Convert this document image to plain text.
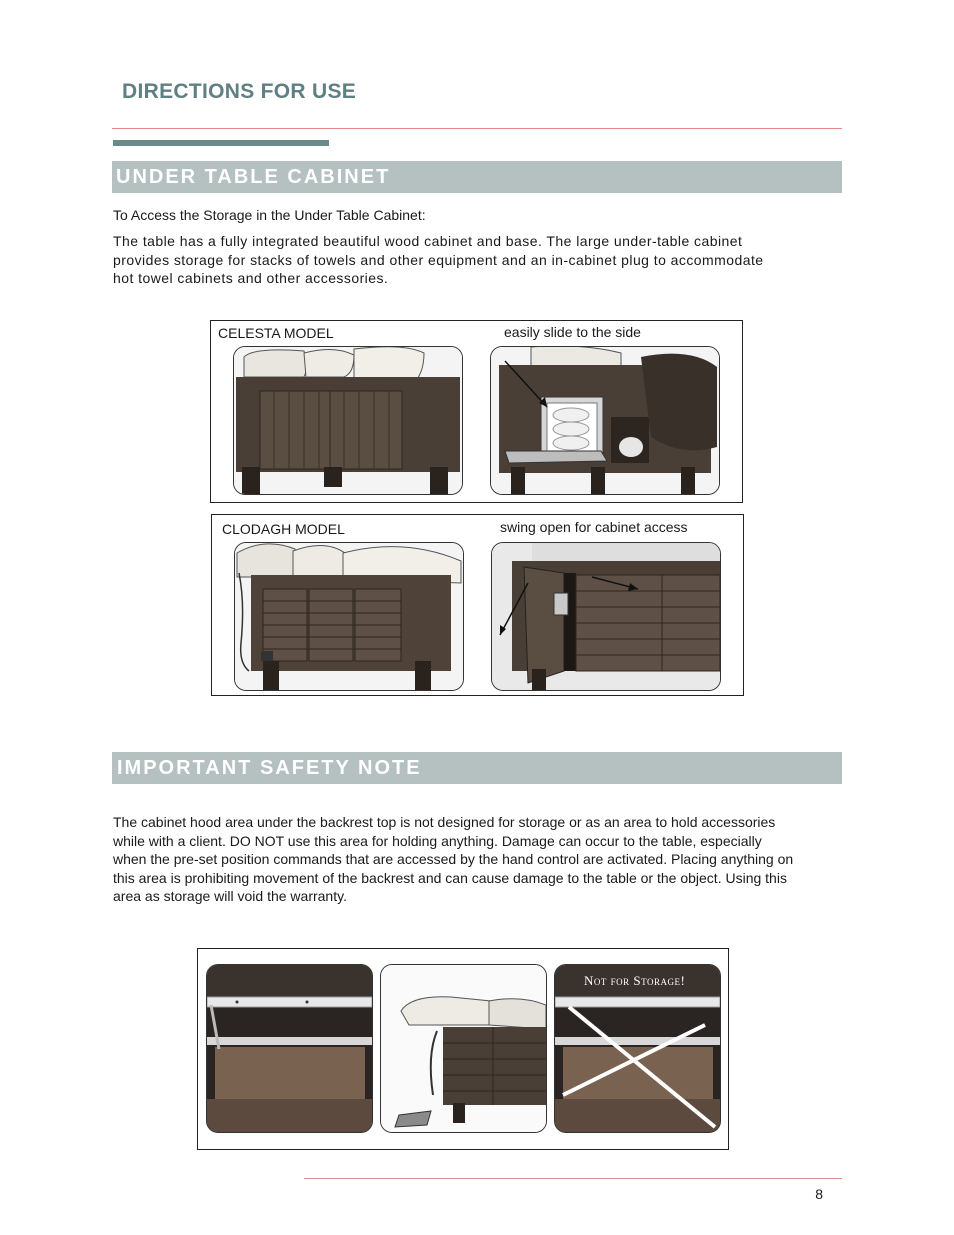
DIRECTIONS FOR USE
UNDER TABLE CABINET
To Access the Storage in the Under Table Cabinet:
The table has a fully integrated beautiful wood cabinet and base. The large under-table cabinet
provides storage for stacks of towels and other equipment and an in-cabinet plug to accommodate
hot towel cabinets and other accessories.
CELESTA MODEL	easily slide to the side
CLODAGH MODEL	swing open for cabinet access
IMPORTANT SAFETY NOTE
The cabinet hood area under the backrest top is not designed for storage or as an area to hold accessories
while with a client. DO NOT use this area for holding anything. Damage can occur to the table, especially
when the pre-set position commands that are accessed by the hand control are activated. Placing anything on
this area is prohibiting movement of the backrest and can cause damage to the table or the object. Using this
area as storage will void the warranty.
Not for Storage!
8
